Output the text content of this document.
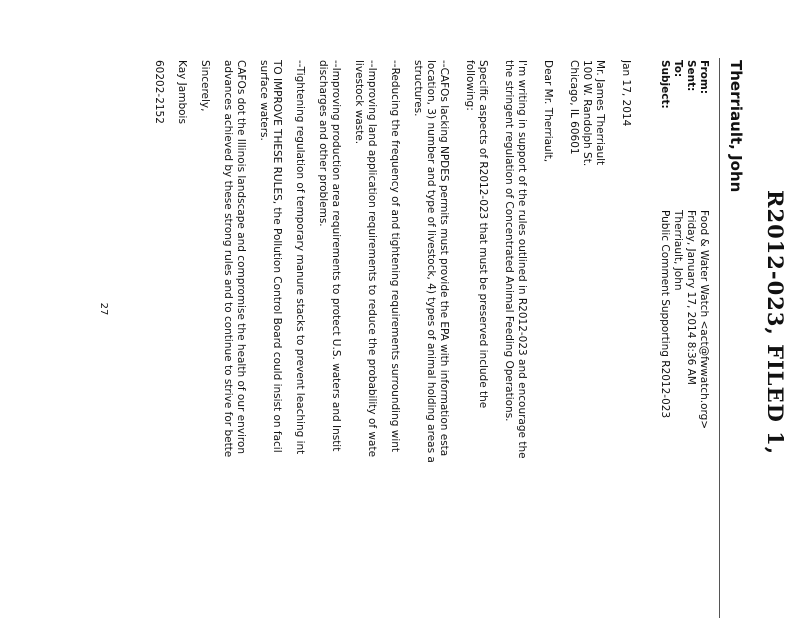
R2012-023, FILED 1,
Therriault, John
From:
Food & Water Watch <act@fwwatch.org>
Sent:
Friday, January 17, 2014 8:36 AM
To:
Therriault, John
Subject:
Public Comment Supporting R2012-023
Jan 17, 2014
Mr. James Therriault
100 W. Randolph St.
Chicago, IL 60601
Dear Mr. Therriault,
I'm writing in support of the rules outlined in R2012-023 and encourage the
the stringent regulation of Concentrated Animal Feeding Operations.
Specific aspects of R2012-023 that must be preserved include the
following:
--CAFOs lacking NPDES permits must provide the EPA with information esta
location, 3) number and type of livestock, 4) types of animal holding areas a
structures.
--Reducing the frequency of and tightening requirements surrounding wint
--Improving land application requirements to reduce the probability of wate
livestock waste.
--Improving production area requirements to protect U.S. waters and Instit
discharges and other problems.
--Tightening regulation of temporary manure stacks to prevent leaching int
TO IMPROVE THESE RULES, the Pollution Control Board could insist on facil
surface waters.
CAFOs dot the Illinois landscape and compromise the health of our environ
advances achieved by these strong rules and to continue to strive for bette
Sincerely,
Kay Jambois
60202-2152
27
